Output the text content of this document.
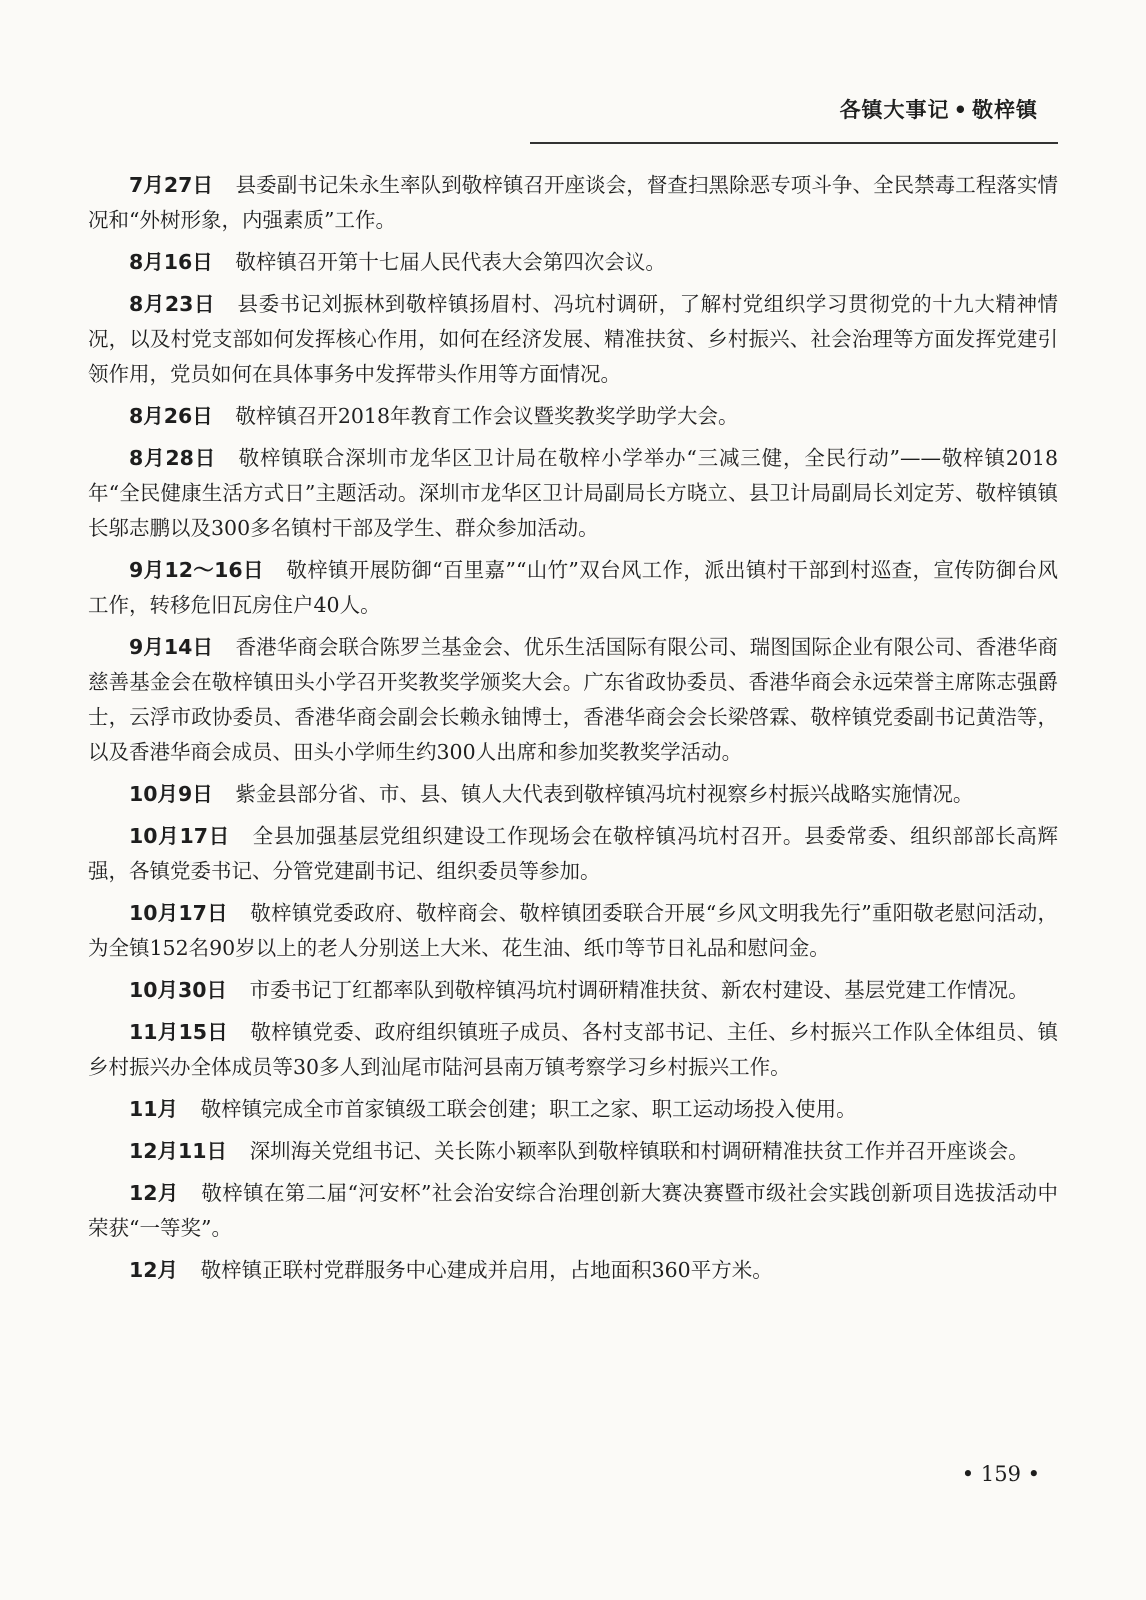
各镇大事记 • 敬梓镇

7月27日 县委副书记朱永生率队到敬梓镇召开座谈会，督查扫黑除恶专项斗争、全民禁毒工程落实情况和“外树形象，内强素质”工作。

8月16日 敬梓镇召开第十七届人民代表大会第四次会议。

8月23日 县委书记刘振林到敬梓镇扬眉村、冯坑村调研，了解村党组织学习贯彻党的十九大精神情况，以及村党支部如何发挥核心作用，如何在经济发展、精准扶贫、乡村振兴、社会治理等方面发挥党建引领作用，党员如何在具体事务中发挥带头作用等方面情况。

8月26日 敬梓镇召开2018年教育工作会议暨奖教奖学助学大会。

8月28日 敬梓镇联合深圳市龙华区卫计局在敬梓小学举办“三减三健，全民行动”——敬梓镇2018年“全民健康生活方式日”主题活动。深圳市龙华区卫计局副局长方晓立、县卫计局副局长刘定芳、敬梓镇镇长邬志鹏以及300多名镇村干部及学生、群众参加活动。

9月12～16日 敬梓镇开展防御“百里嘉”“山竹”双台风工作，派出镇村干部到村巡查，宣传防御台风工作，转移危旧瓦房住户40人。

9月14日 香港华商会联合陈罗兰基金会、优乐生活国际有限公司、瑞图国际企业有限公司、香港华商慈善基金会在敬梓镇田头小学召开奖教奖学颁奖大会。广东省政协委员、香港华商会永远荣誉主席陈志强爵士，云浮市政协委员、香港华商会副会长赖永铀博士，香港华商会会长梁啓霖、敬梓镇党委副书记黄浩等，以及香港华商会成员、田头小学师生约300人出席和参加奖教奖学活动。

10月9日 紫金县部分省、市、县、镇人大代表到敬梓镇冯坑村视察乡村振兴战略实施情况。

10月17日 全县加强基层党组织建设工作现场会在敬梓镇冯坑村召开。县委常委、组织部部长高辉强，各镇党委书记、分管党建副书记、组织委员等参加。

10月17日 敬梓镇党委政府、敬梓商会、敬梓镇团委联合开展“乡风文明我先行”重阳敬老慰问活动，为全镇152名90岁以上的老人分别送上大米、花生油、纸巾等节日礼品和慰问金。

10月30日 市委书记丁红都率队到敬梓镇冯坑村调研精准扶贫、新农村建设、基层党建工作情况。

11月15日 敬梓镇党委、政府组织镇班子成员、各村支部书记、主任、乡村振兴工作队全体组员、镇乡村振兴办全体成员等30多人到汕尾市陆河县南万镇考察学习乡村振兴工作。

11月 敬梓镇完成全市首家镇级工联会创建；职工之家、职工运动场投入使用。

12月11日 深圳海关党组书记、关长陈小颖率队到敬梓镇联和村调研精准扶贫工作并召开座谈会。

12月 敬梓镇在第二届“河安杯”社会治安综合治理创新大赛决赛暨市级社会实践创新项目选拔活动中荣获“一等奖”。

12月 敬梓镇正联村党群服务中心建成并启用，占地面积360平方米。

• 159 •
